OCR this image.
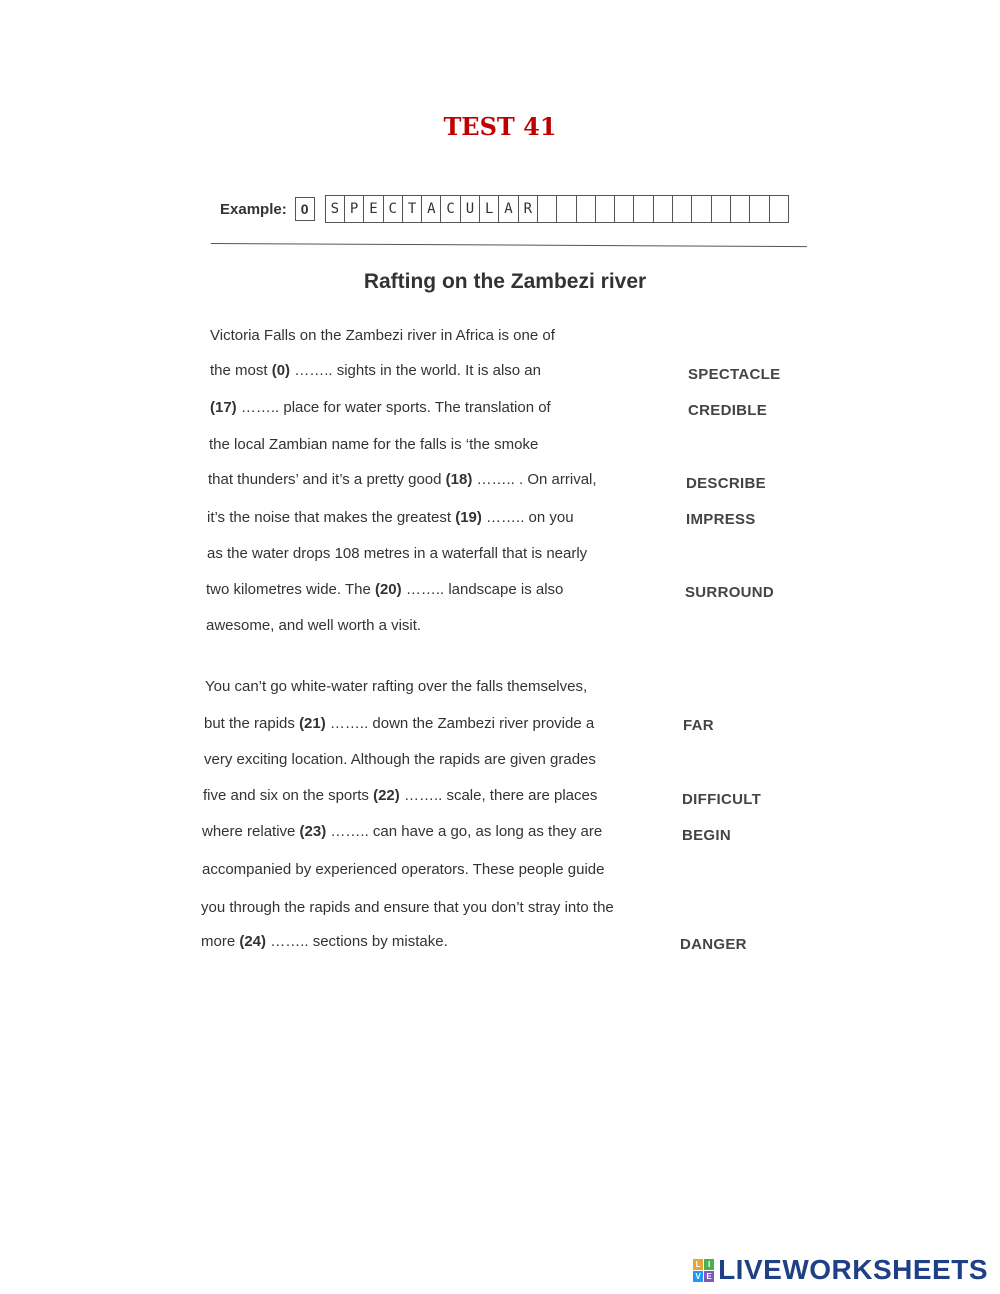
TEST 41
Example:	0	S P E C T A C U L A R
Rafting on the Zambezi river
Victoria Falls on the Zambezi river in Africa is one of
the most (0) …….. sights in the world. It is also an
(17) …….. place for water sports. The translation of
the local Zambian name for the falls is ‘the smoke
that thunders’ and it’s a pretty good (18) …….. . On arrival,
it’s the noise that makes the greatest (19) …….. on you
as the water drops 108 metres in a waterfall that is nearly
two kilometres wide. The (20) …….. landscape is also
awesome, and well worth a visit.
You can’t go white-water rafting over the falls themselves,
but the rapids (21) …….. down the Zambezi river provide a
very exciting location. Although the rapids are given grades
five and six on the sports (22) …….. scale, there are places
where relative (23) …….. can have a go, as long as they are
accompanied by experienced operators. These people guide
you through the rapids and ensure that you don’t stray into the
more (24) …….. sections by mistake.
SPECTACLE
CREDIBLE
DESCRIBE
IMPRESS
SURROUND
FAR
DIFFICULT
BEGIN
DANGER
L I
V E LIVEWORKSHEETS
